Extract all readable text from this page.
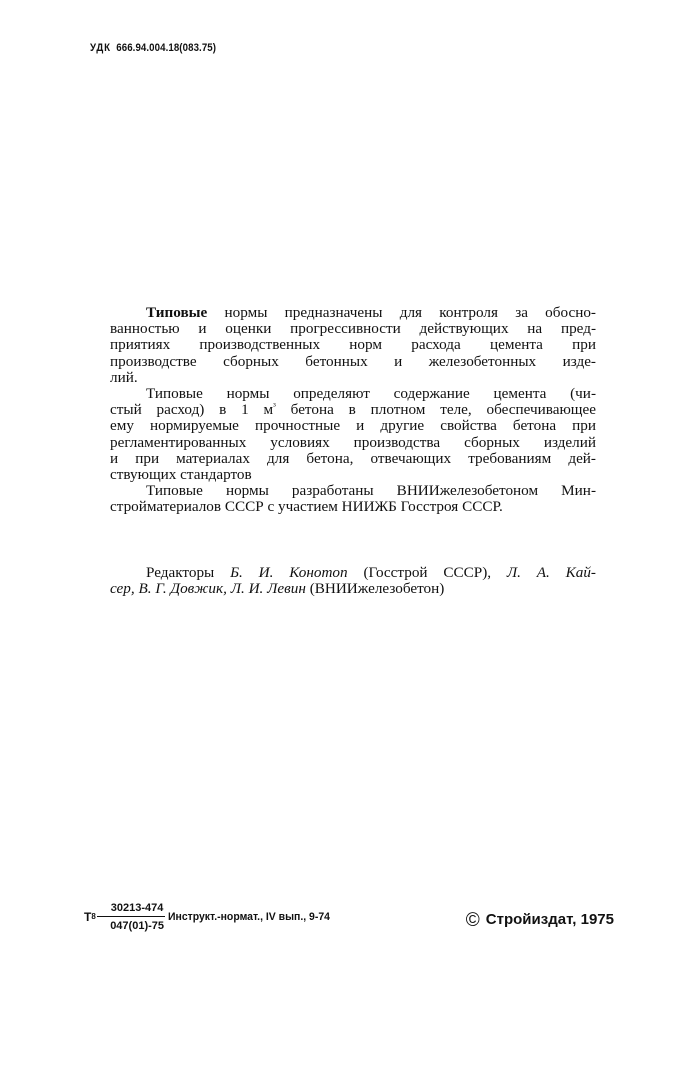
УДК 666.94.004.18(083.75)
Типовые нормы предназначены для контроля за обосно-
ванностью и оценки прогрессивности действующих на пред-
приятиях производственных норм расхода цемента при
производстве сборных бетонных и железобетонных изде-
лий.
Типовые нормы определяют содержание цемента (чи-
стый расход) в 1 $м^{^3}$ бетона в плотном теле, обеспечивающее
ему нормируемые прочностные и другие свойства бетона при
регламентированных условиях производства сборных изделий
и при материалах для бетона, отвечающих требованиям дей-
ствующих стандартов
Типовые нормы разработаны ВНИИжелезобетоном Мин-
стройматериалов СССР с участием НИИЖБ Госстроя СССР.
Редакторы Б. И. Конотоп (Госстрой СССР), Л. А. Кай-
сер, В. Г. Довжик, Л. И. Левин (ВНИИжелезобетон)
$Т8 \frac{30213-474}{047(01)-75}$ Инструкт.-нормат., IV вып., 9-74	© Стройиздат, 1975
